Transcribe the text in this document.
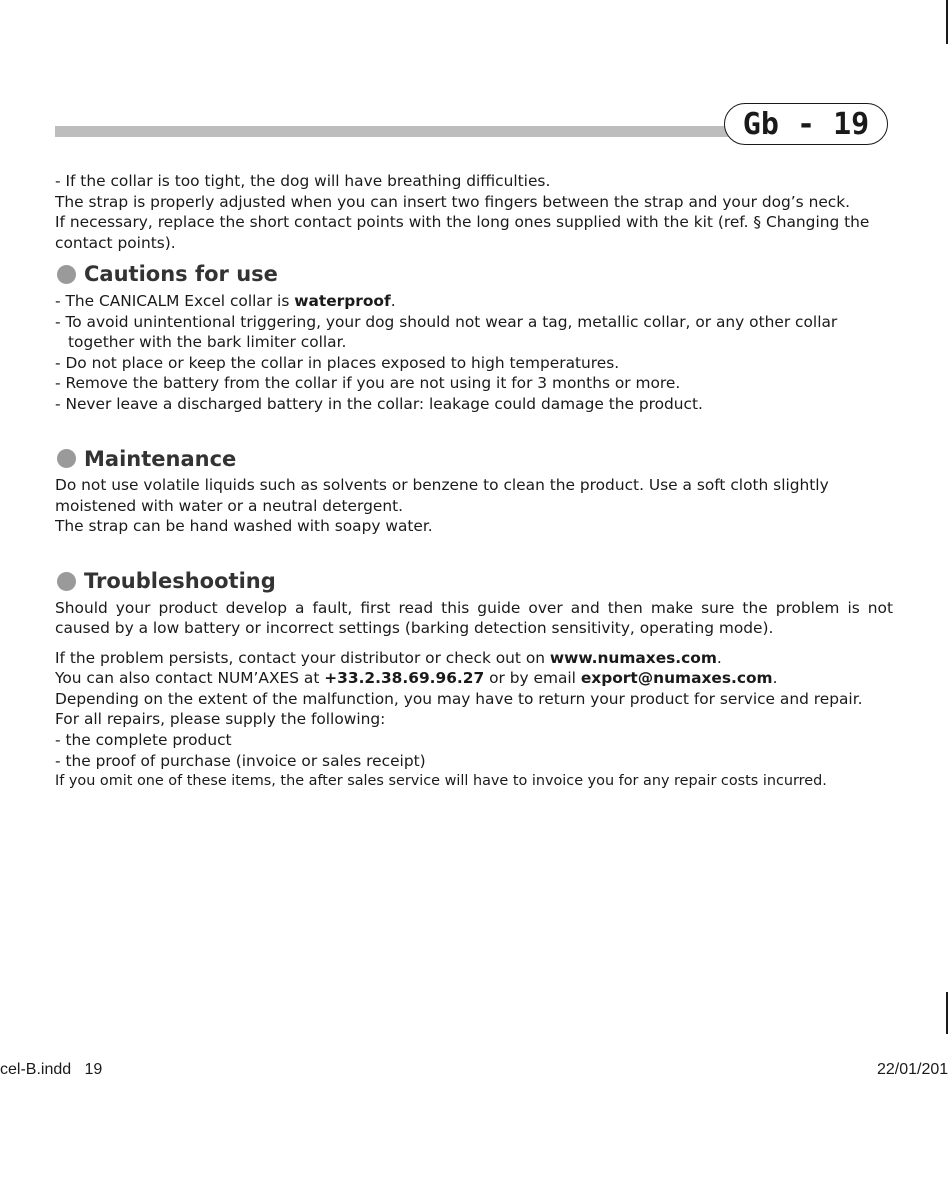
Gb - 19

- If the collar is too tight, the dog will have breathing difficulties.

The strap is properly adjusted when you can insert two fingers between the strap and your dog’s neck.

If necessary, replace the short contact points with the long ones supplied with the kit (ref. § Changing the contact points).

Cautions for use

- The CANICALM Excel collar is waterproof.

- To avoid unintentional triggering, your dog should not wear a tag, metallic collar, or any other collar together with the bark limiter collar.

- Do not place or keep the collar in places exposed to high temperatures.

- Remove the battery from the collar if you are not using it for 3 months or more.

- Never leave a discharged battery in the collar: leakage could damage the product.

Maintenance

Do not use volatile liquids such as solvents or benzene to clean the product. Use a soft cloth slightly moistened with water or a neutral detergent.

The strap can be hand washed with soapy water.

Troubleshooting

Should your product develop a fault, first read this guide over and then make sure the problem is not caused by a low battery or incorrect settings (barking detection sensitivity, operating mode).

If the problem persists, contact your distributor or check out on www.numaxes.com.

You can also contact NUM’AXES at +33.2.38.69.96.27 or by email export@numaxes.com.

Depending on the extent of the malfunction, you may have to return your product for service and repair.

For all repairs, please supply the following:

- the complete product

- the proof of purchase (invoice or sales receipt)

If you omit one of these items, the after sales service will have to invoice you for any repair costs incurred.

cel-B.indd   19	22/01/201
